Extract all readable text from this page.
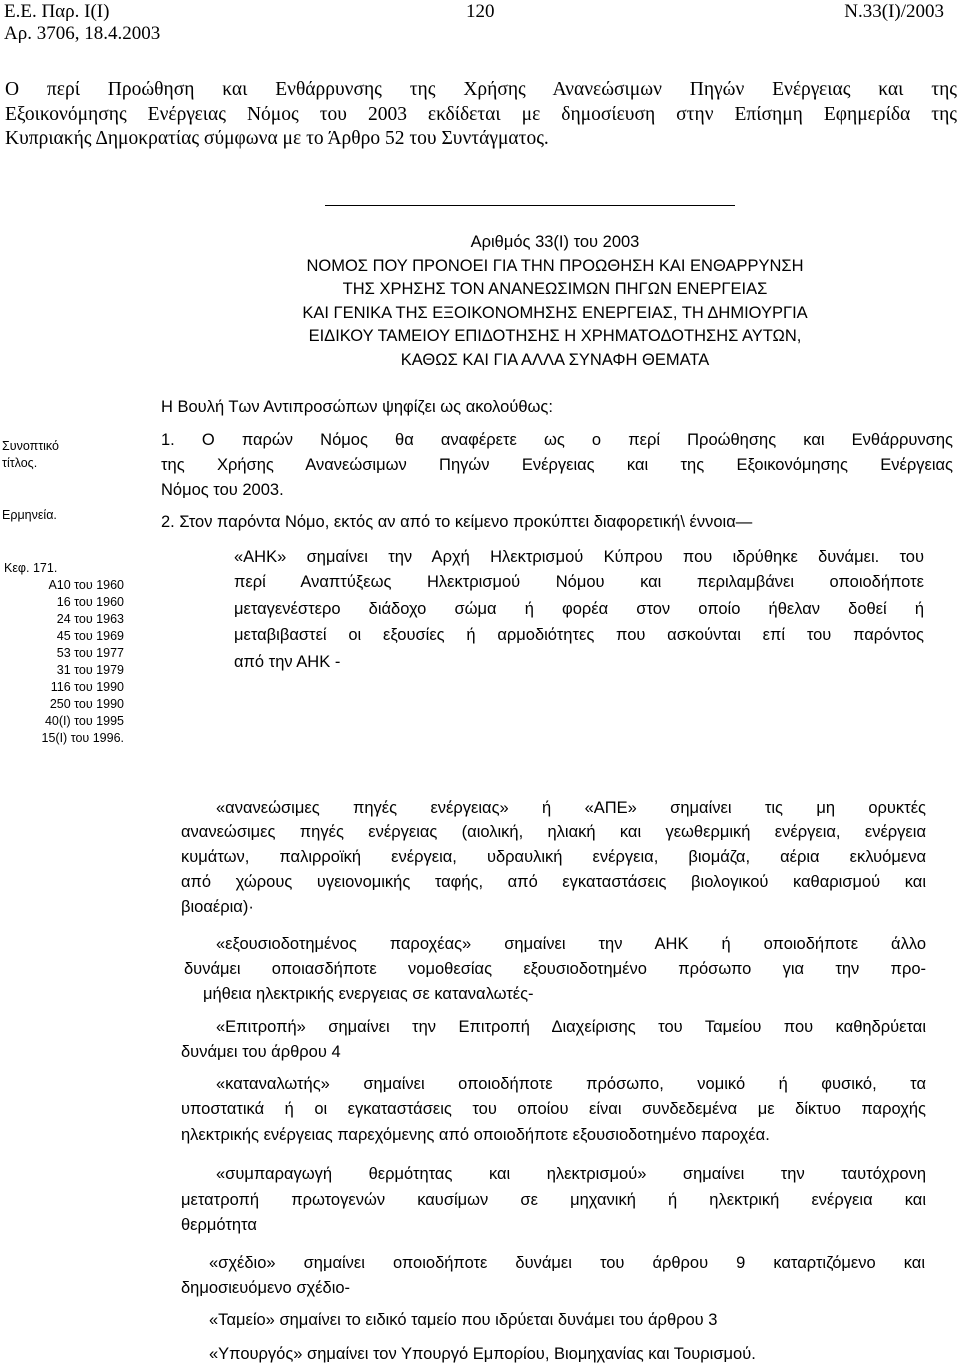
Ε.Ε. Παρ. Ι(I)
Αρ. 3706, 18.4.2003
120	Ν.33(Ι)/2003
Ο περί Προώθηση και Ενθάρρυνσης της Χρήσης Ανανεώσιμων Πηγών Ενέργειας και της
Εξοικονόμησης Ενέργειας Νόμος του 2003 εκδίδεται με δημοσίευση στην Επίσημη Εφημερίδα της
Κυπριακής Δημοκρατίας σύμφωνα με το Άρθρο 52 του Συντάγματος.
Αριθμός 33(Ι) του 2003
ΝΟΜΟΣ ΠΟΥ ΠΡΟΝΟΕΙ ΓΙΑ ΤΗΝ ΠΡΟΩΘΗΣΗ ΚΑΙ ΕΝΘΑΡΡΥΝΣΗ
ΤΗΣ ΧΡΗΣΗΣ ΤΟΝ ΑΝΑΝΕΩΣΙΜΩΝ ΠΗΓΩΝ ΕΝΕΡΓΕΙΑΣ
ΚΑΙ ΓΕΝΙΚΑ ΤΗΣ ΕΞΟΙΚΟΝΟΜΗΣΗΣ ΕΝΕΡΓΕΙΑΣ, ΤΗ ΔΗΜΙΟΥΡΓΙΑ
ΕΙΔΙΚΟΥ ΤΑΜΕΙΟΥ ΕΠΙΔΟΤΗΣΗΣ Η ΧΡΗΜΑΤΟΔΟΤΗΣΗΣ ΑΥΤΩΝ,
ΚΑΘΩΣ ΚΑΙ ΓΙΑ ΑΛΛΑ ΣΥΝΑΦΗ ΘΕΜΑΤΑ
Συνοπτικό
τίτλος.
Ερμηνεία.
Κεφ. 171.
Α10 του 1960
16 του 1960
24 του 1963
45 του 1969
53 του 1977
31 του 1979
116 του 1990
250 του 1990
40(Ι) του 1995
15(Ι) του 1996.
Η Βουλή Των Αντιπροσώπων ψηφίζει ως ακολούθως:
1. Ο παρών Νόμος θα αναφέρετε ως ο περί Προώθησης και Ενθάρρυνσης
της Χρήσης Ανανεώσιμων Πηγών Ενέργειας και της Εξοικονόμησης Ενέργειας
Νόμος του 2003.
2. Στον παρόντα Νόμο, εκτός αν από το κείμενο προκύπτει διαφορετική\ έννοια—
«ΑΗΚ» σημαίνει την Αρχή Ηλεκτρισμού Κύπρου που ιδρύθηκε δυνάμει. του
περί Αναπτύξεως Ηλεκτρισμού Νόμου και περιλαμβάνει οποιοδήποτε
μεταγενέστερο διάδοχο σώμα ή φορέα στον οποίο ήθελαν δοθεί ή
μεταβιβαστεί οι εξουσίες ή αρμοδιότητες που ασκούνται επί του παρόντος
από την ΑΗΚ -
«ανανεώσιμες πηγές ενέργειας» ή «ΑΠΕ» σημαίνει τις μη ορυκτές
ανανεώσιμες πηγές ενέργειας (αιολική, ηλιακή και γεωθερμική ενέργεια, ενέργεια
κυμάτων, παλιρροϊκή ενέργεια, υδραυλική ενέργεια, βιομάζα, αέρια εκλυόμενα
από χώρους υγειονομικής ταφής, από εγκαταστάσεις βιολογικού καθαρισμού και
βιοαέρια)·
«εξουσιοδοτημένος παροχέας» σημαίνει την ΑΗΚ ή οποιοδήποτε άλλο
δυνάμει οποιασδήποτε νομοθεσίας εξουσιοδοτημένο πρόσωπο για την προ-
μήθεια ηλεκτρικής ενεργειας σε καταναλωτές-
«Επιτροπή» σημαίνει την Επιτροπή Διαχείρισης του Ταμείου που καθηδρύεται
δυνάμει του άρθρου 4
«καταναλωτής» σημαίνει οποιοδήποτε πρόσωπο, νομικό ή φυσικό, τα
υποστατικά ή οι εγκαταστάσεις του οποίου είναι συνδεδεμένα με δίκτυο παροχής
ηλεκτρικής ενέργειας παρεχόμενης από οποιοδήποτε εξουσιοδοτημένο παροχέα.
«συμπαραγωγή θερμότητας και ηλεκτρισμού» σημαίνει την ταυτόχρονη
μετατροπή πρωτογενών καυσίμων σε μηχανική ή ηλεκτρική ενέργεια και
θερμότητα
«σχέδιο» σημαίνει οποιοδήποτε δυνάμει του άρθρου 9 καταρτιζόμενο και
δημοσιευόμενο σχέδιο-
«Ταμείο» σημαίνει το ειδικό ταμείο που ιδρύεται δυνάμει του άρθρου 3
«Υπουργός» σημαίνει τον Υπουργό Εμπορίου, Βιομηχανίας και Τουρισμού.
